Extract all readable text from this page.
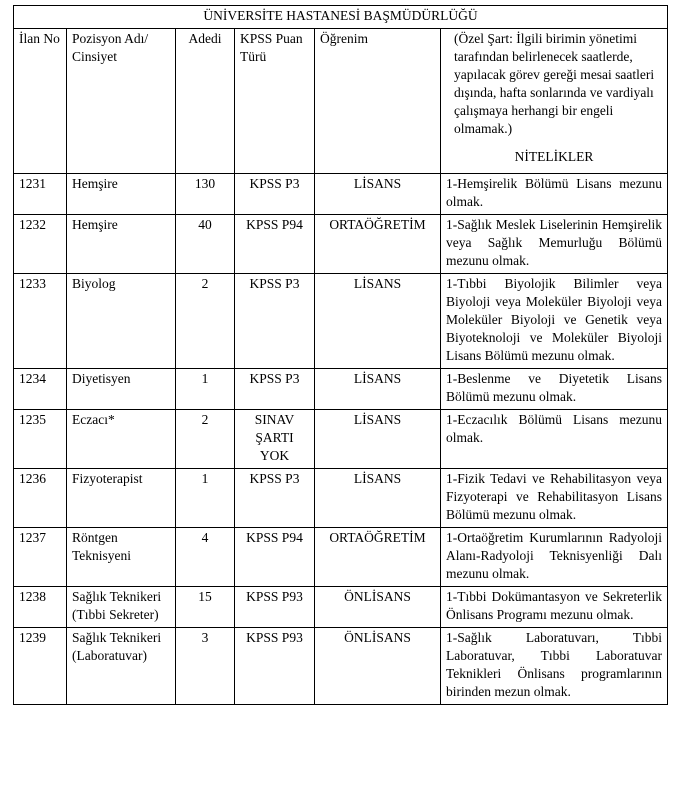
ÜNİVERSİTE HASTANESİ BAŞMÜDÜRLÜĞÜ					
İlan No	Pozisyon Adı/ Cinsiyet	Adedi	KPSS Puan Türü	Öğrenim	(Özel Şart: İlgili birimin yönetimi tarafından belirlenecek saatlerde, yapılacak görev gereği mesai saatleri dışında, hafta sonlarında ve vardiyalı çalışmaya herhangi bir engeli olmamak.)
NİTELİKLER

1231	Hemşire	130	KPSS P3	LİSANS	1-Hemşirelik Bölümü Lisans mezunu olmak.
1232	Hemşire	40	KPSS P94	ORTAÖĞRETİM	1-Sağlık Meslek Liselerinin Hemşirelik veya Sağlık Memurluğu Bölümü mezunu olmak.
1233	Biyolog	2	KPSS P3	LİSANS	1-Tıbbi Biyolojik Bilimler veya Biyoloji veya Moleküler Biyoloji veya Moleküler Biyoloji ve Genetik veya Biyoteknoloji ve Moleküler Biyoloji Lisans Bölümü mezunu olmak.
1234	Diyetisyen	1	KPSS P3	LİSANS	1-Beslenme ve Diyetetik Lisans Bölümü mezunu olmak.
1235	Eczacı*	2	SINAV ŞARTI YOK	LİSANS	1-Eczacılık Bölümü Lisans mezunu olmak.
1236	Fizyoterapist	1	KPSS P3	LİSANS	1-Fizik Tedavi ve Rehabilitasyon veya Fizyoterapi ve Rehabilitasyon Lisans Bölümü mezunu olmak.
1237	Röntgen Teknisyeni	4	KPSS P94	ORTAÖĞRETİM	1-Ortaöğretim Kurumlarının Radyoloji Alanı-Radyoloji Teknisyenliği Dalı mezunu olmak.
1238	Sağlık Teknikeri (Tıbbi Sekreter)	15	KPSS P93	ÖNLİSANS	1-Tıbbi Dokümantasyon ve Sekreterlik Önlisans Programı mezunu olmak.
1239	Sağlık Teknikeri (Laboratuvar)	3	KPSS P93	ÖNLİSANS	1-Sağlık Laboratuvarı, Tıbbi Laboratuvar, Tıbbi Laboratuvar Teknikleri Önlisans programlarının birinden mezun olmak.
